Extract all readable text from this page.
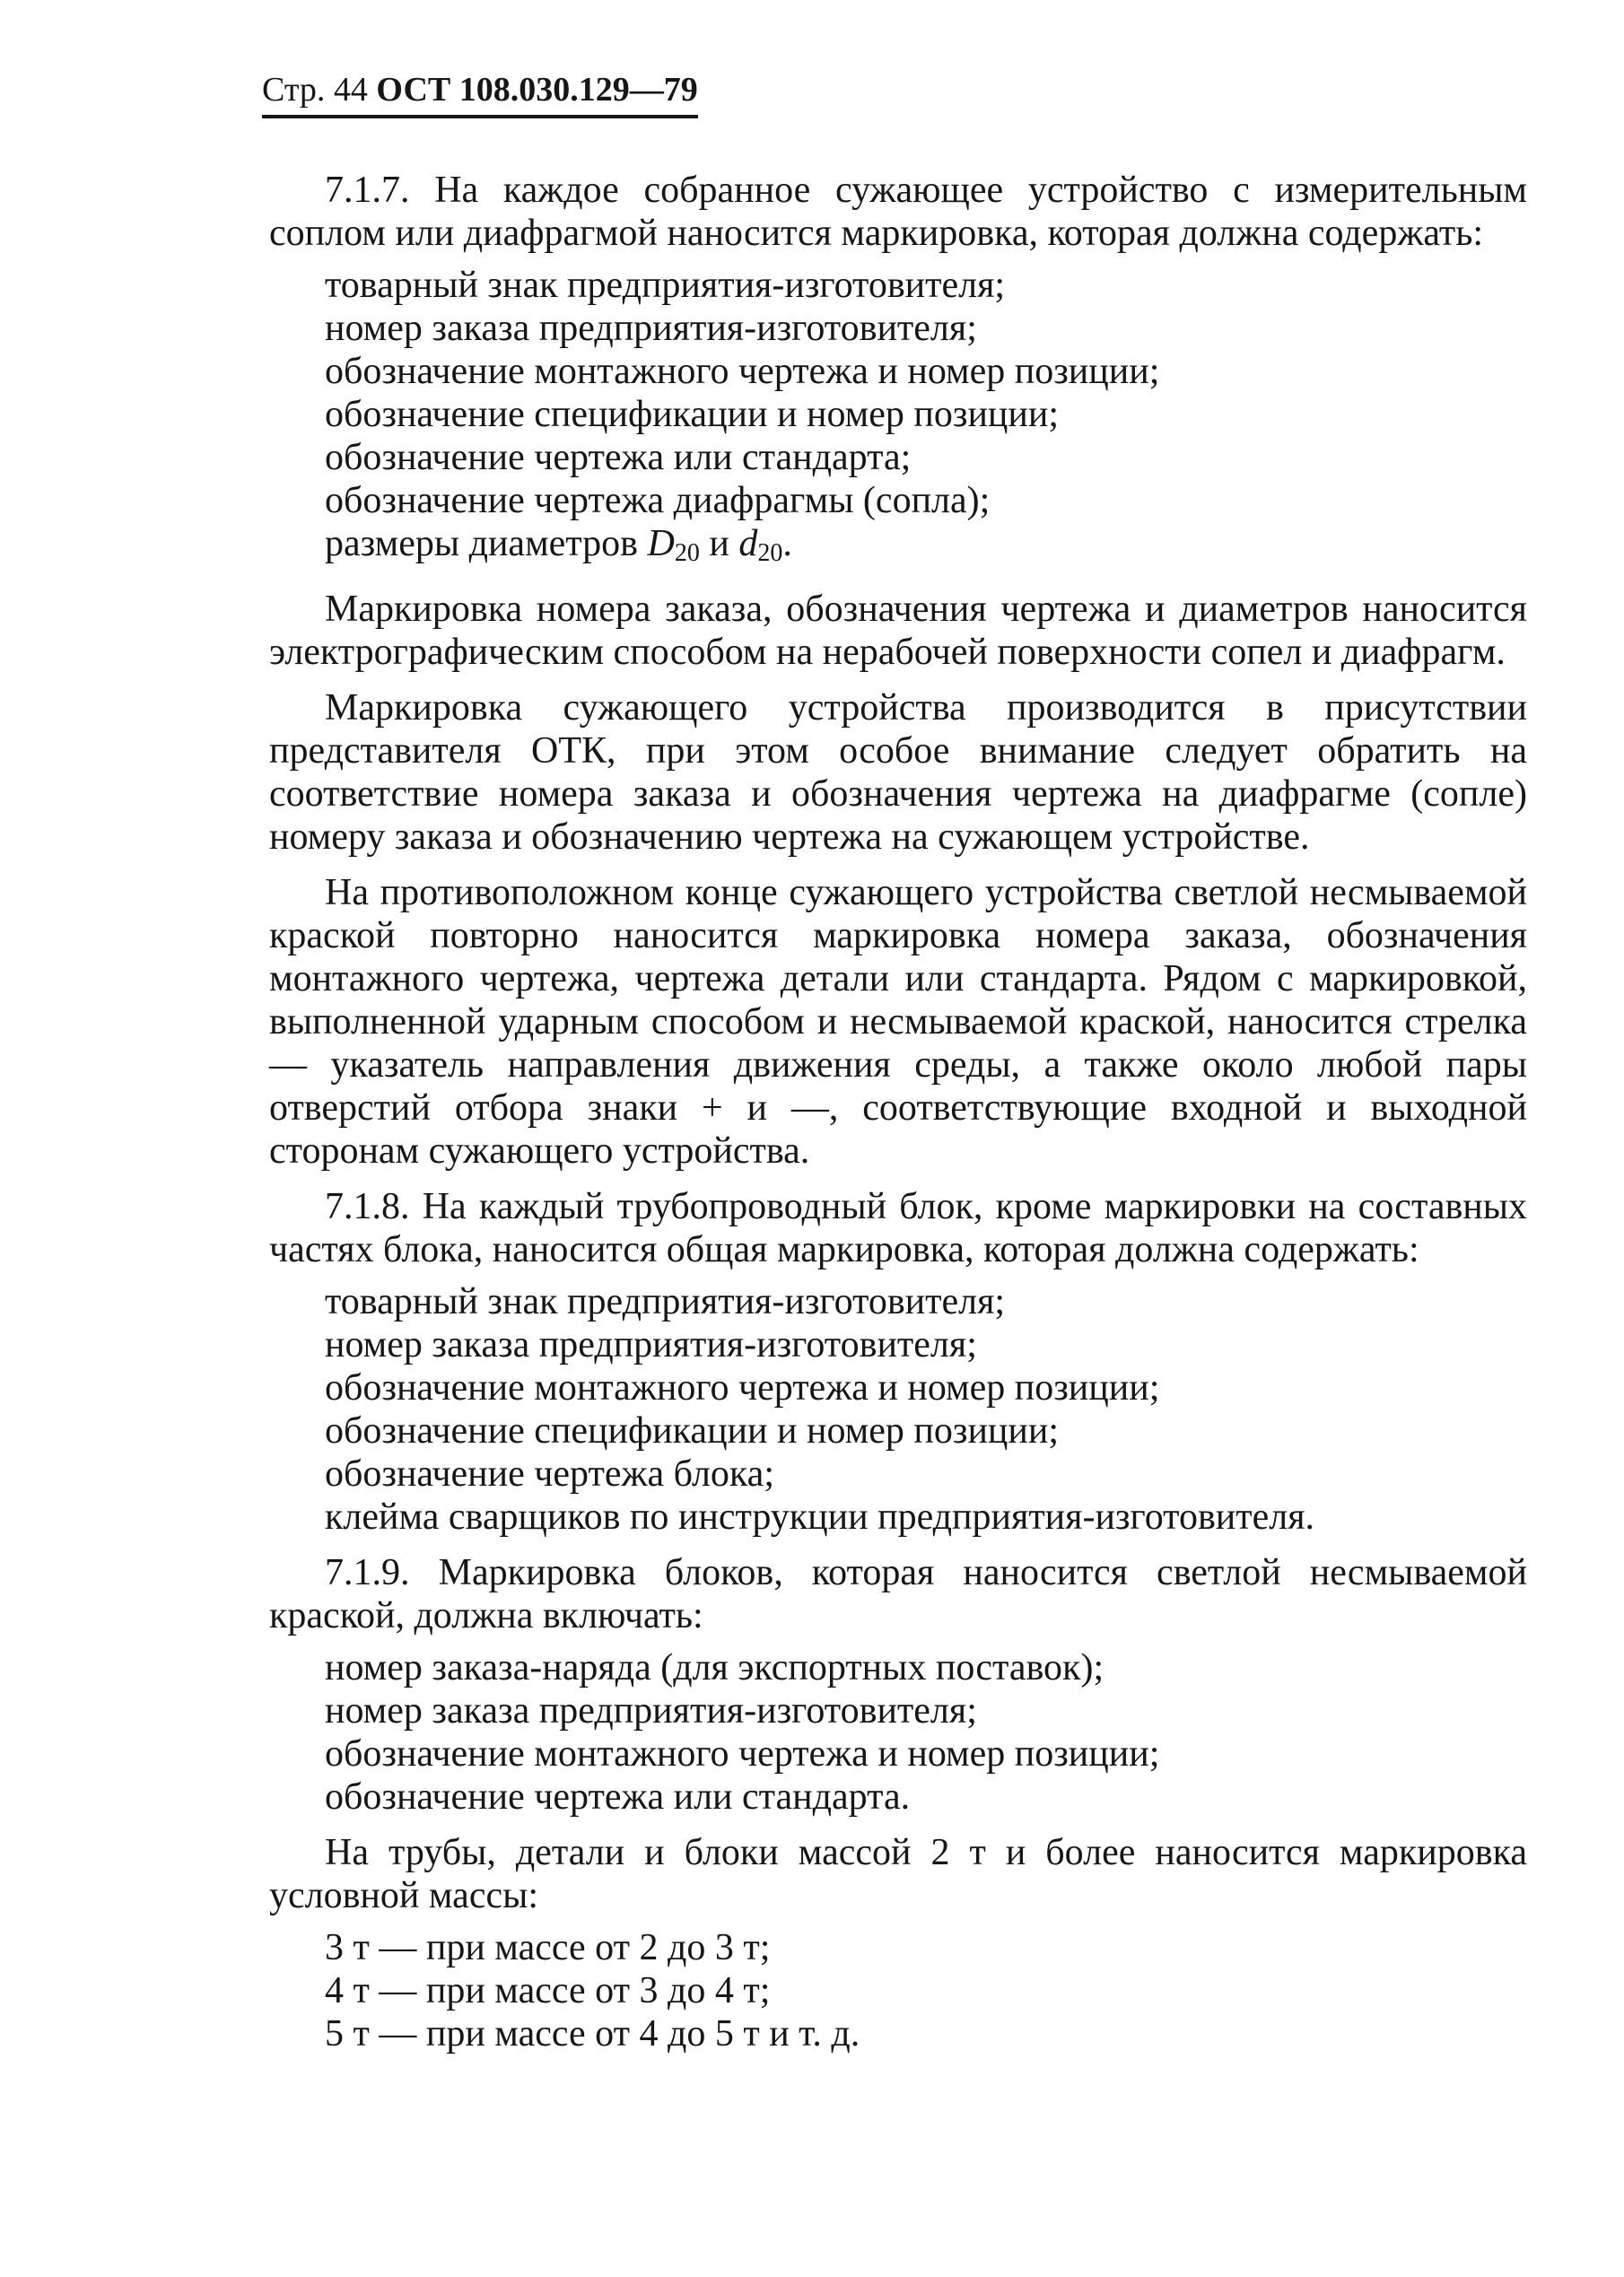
Стр. 44 ОСТ 108.030.129—79

7.1.7. На каждое собранное сужающее устройство с измерительным соплом или диафрагмой наносится маркировка, которая должна содержать:

товарный знак предприятия-изготовителя;
номер заказа предприятия-изготовителя;
обозначение монтажного чертежа и номер позиции;
обозначение спецификации и номер позиции;
обозначение чертежа или стандарта;
обозначение чертежа диафрагмы (сопла);
размеры диаметров $D_{20}$ и $d_{20}$.

Маркировка номера заказа, обозначения чертежа и диаметров наносится электрографическим способом на нерабочей поверхности сопел и диафрагм.

Маркировка сужающего устройства производится в присутствии представителя ОТК, при этом особое внимание следует обратить на соответствие номера заказа и обозначения чертежа на диафрагме (сопле) номеру заказа и обозначению чертежа на сужающем устройстве.

На противоположном конце сужающего устройства светлой несмываемой краской повторно наносится маркировка номера заказа, обозначения монтажного чертежа, чертежа детали или стандарта. Рядом с маркировкой, выполненной ударным способом и несмываемой краской, наносится стрелка — указатель направления движения среды, а также около любой пары отверстий отбора знаки + и —, соответствующие входной и выходной сторонам сужающего устройства.

7.1.8. На каждый трубопроводный блок, кроме маркировки на составных частях блока, наносится общая маркировка, которая должна содержать:

товарный знак предприятия-изготовителя;
номер заказа предприятия-изготовителя;
обозначение монтажного чертежа и номер позиции;
обозначение спецификации и номер позиции;
обозначение чертежа блока;
клейма сварщиков по инструкции предприятия-изготовителя.

7.1.9. Маркировка блоков, которая наносится светлой несмываемой краской, должна включать:

номер заказа-наряда (для экспортных поставок);
номер заказа предприятия-изготовителя;
обозначение монтажного чертежа и номер позиции;
обозначение чертежа или стандарта.

На трубы, детали и блоки массой 2 т и более наносится маркировка условной массы:

3 т — при массе от 2 до 3 т;
4 т — при массе от 3 до 4 т;
5 т — при массе от 4 до 5 т и т. д.
